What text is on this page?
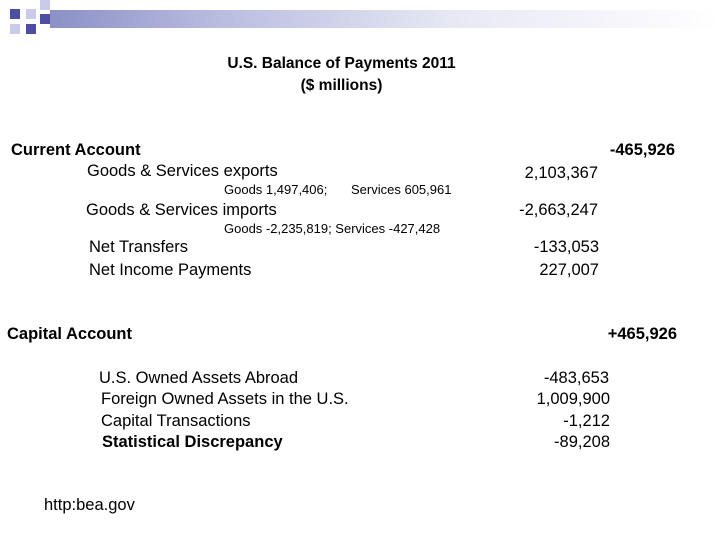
U.S. Balance of Payments 2011
($ millions)
Current Account	-465,926
Goods & Services exports	2,103,367
Goods 1,497,406; Services 605,961
Goods & Services imports	-2,663,247
Goods -2,235,819; Services -427,428
Net Transfers	-133,053
Net Income Payments	227,007
Capital Account	+465,926
U.S. Owned Assets Abroad	-483,653
Foreign Owned Assets in the U.S.	1,009,900
Capital Transactions	-1,212
Statistical Discrepancy	-89,208
http:bea.gov
